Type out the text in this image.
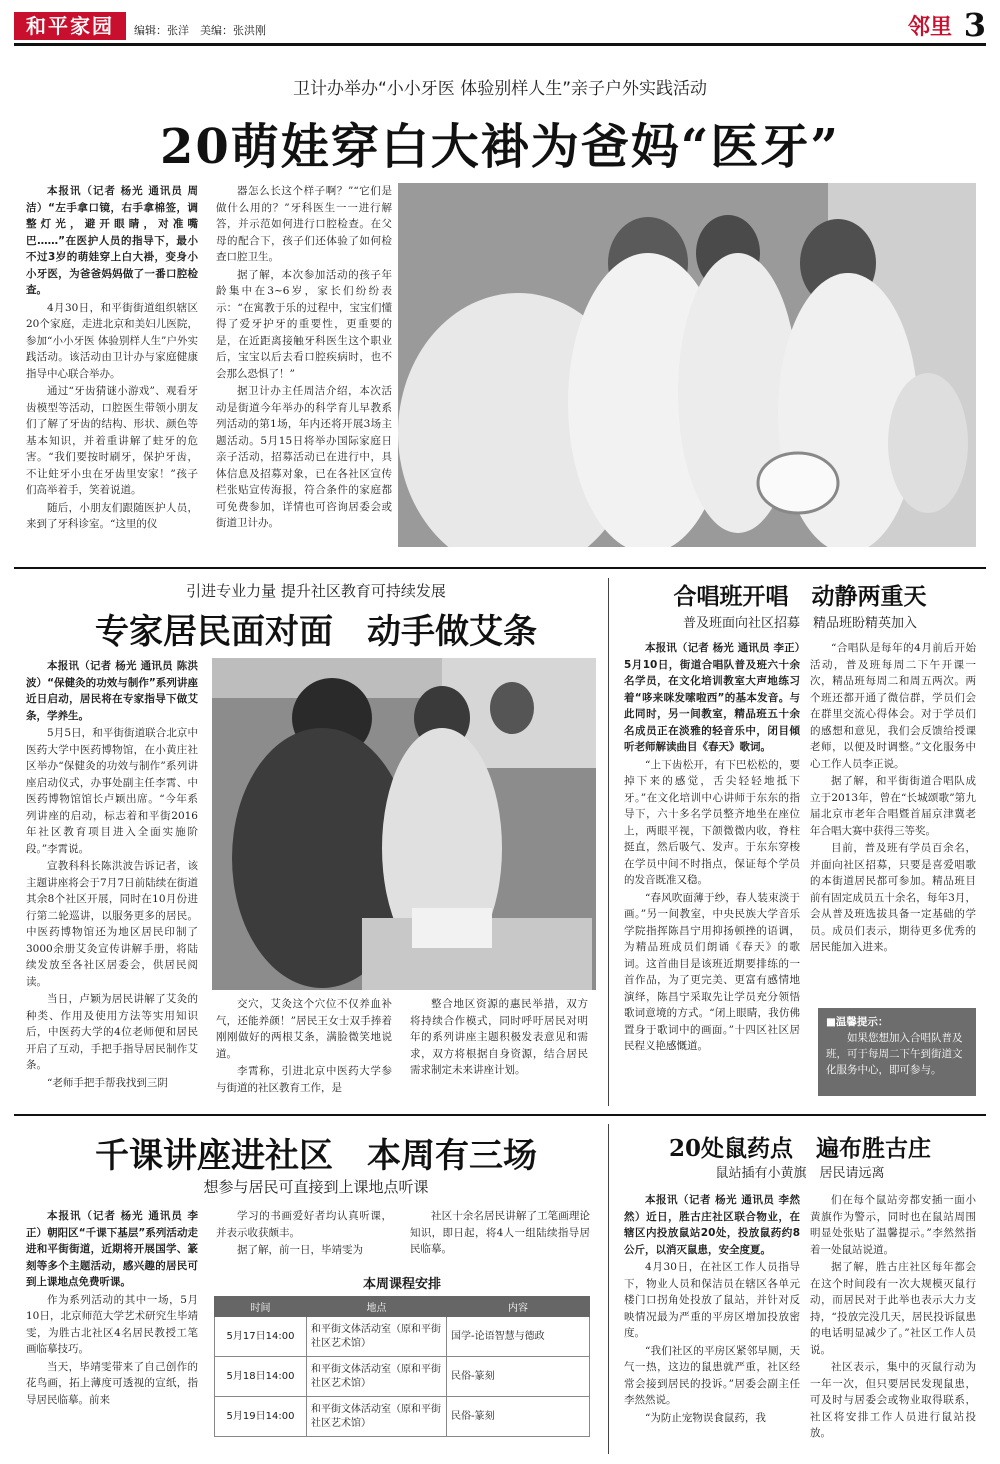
和平家园	编辑：张洋　美编：张洪刚	邻里 3
卫计办举办“小小牙医 体验别样人生”亲子户外实践活动
20萌娃穿白大褂为爸妈“医牙”

本报讯（记者 杨光 通讯员 周洁）“左手拿口镜，右手拿棉签，调整灯光，避开眼睛，对准嘴巴……”在医护人员的指导下，最小不过3岁的萌娃穿上白大褂，变身小小牙医，为爸爸妈妈做了一番口腔检查。

4月30日，和平街街道组织辖区20个家庭，走进北京和美妇儿医院，参加“小小牙医 体验别样人生”户外实践活动。该活动由卫计办与家庭健康指导中心联合举办。

通过“牙齿猜谜小游戏”、观看牙齿模型等活动，口腔医生带领小朋友们了解了牙齿的结构、形状、颜色等基本知识，并着重讲解了蛀牙的危害。“我们要按时刷牙，保护牙齿，不让蛀牙小虫在牙齿里安家！”孩子们高举着手，笑着说道。

随后，小朋友们跟随医护人员，来到了牙科诊室。“这里的仪

器怎么长这个样子啊？”“它们是做什么用的？”牙科医生一一进行解答，并示范如何进行口腔检查。在父母的配合下，孩子们还体验了如何检查口腔卫生。

据了解，本次参加活动的孩子年龄集中在3~6岁，家长们纷纷表示：“在寓教于乐的过程中，宝宝们懂得了爱牙护牙的重要性，更重要的是，在近距离接触牙科医生这个职业后，宝宝以后去看口腔疾病时，也不会那么恐惧了！”

据卫计办主任周洁介绍，本次活动是街道今年举办的科学育儿早教系列活动的第1场，年内还将开展3场主题活动。5月15日将举办国际家庭日亲子活动，招募活动已在进行中，具体信息及招募对象，已在各社区宣传栏张贴宣传海报，符合条件的家庭都可免费参加，详情也可咨询居委会或街道卫计办。

引进专业力量 提升社区教育可持续发展
专家居民面对面　动手做艾条

本报讯（记者 杨光 通讯员 陈洪波）“保健灸的功效与制作”系列讲座近日启动，居民将在专家指导下做艾条，学养生。

5月5日，和平街街道联合北京中医药大学中医药博物馆，在小黄庄社区举办“保健灸的功效与制作”系列讲座启动仪式，办事处副主任李霄、中医药博物馆馆长卢颖出席。“今年系列讲座的启动，标志着和平街2016年社区教育项目进入全面实施阶段。”李霄说。

宣教科科长陈洪波告诉记者，该主题讲座将会于7月7日前陆续在街道其余8个社区开展，同时在10月份进行第二轮巡讲，以服务更多的居民。中医药博物馆还为地区居民印制了3000余册艾灸宣传讲解手册，将陆续发放至各社区居委会，供居民阅读。

当日，卢颖为居民讲解了艾灸的种类、作用及使用方法等实用知识后，中医药大学的4位老师便和居民开启了互动，手把手指导居民制作艾条。

“老师手把手帮我找到三阴

交穴，艾灸这个穴位不仅养血补气，还能养颜！”居民王女士双手捧着刚刚做好的两根艾条，满脸微笑地说道。

李霄称，引进北京中医药大学参与街道的社区教育工作，是

整合地区资源的惠民举措，双方将持续合作模式，同时呼吁居民对明年的系列讲座主题积极发表意见和需求，双方将根据自身资源，结合居民需求制定未来讲座计划。

合唱班开唱　动静两重天
普及班面向社区招募　精品班盼精英加入

本报讯（记者 杨光 通讯员 李正）5月10日，街道合唱队普及班六十余名学员，在文化培训教室大声地练习着“哆来咪发嗦啦西”的基本发音。与此同时，另一间教室，精品班五十余名成员正在淡雅的轻音乐中，闭目倾听老师解读曲目《春天》歌词。

“上下齿松开，有下巴松松的，要掉下来的感觉，舌尖轻轻地抵下牙。”在文化培训中心讲师于东东的指导下，六十多名学员整齐地坐在座位上，两眼平视，下颌微微内收，脊柱挺直，然后吸气、发声。于东东穿梭在学员中间不时指点，保证每个学员的发音既准又稳。

“春风吹面薄于纱，春人装束淡于画。”另一间教室，中央民族大学音乐学院指挥陈昌宁用抑扬顿挫的语调，为精品班成员们朗诵《春天》的歌词。这首曲目是该班近期要排练的一首作品，为了更完美、更富有感情地演绎，陈昌宁采取先让学员充分领悟歌词意境的方式。“闭上眼睛，我仿佛置身于歌词中的画面。”十四区社区居民程义艳感慨道。

“合唱队是每年的4月前后开始活动，普及班每周二下午开课一次，精品班每周二和周五两次。两个班还都开通了微信群，学员们会在群里交流心得体会。对于学员们的感想和意见，我们会反馈给授课老师，以便及时调整。”文化服务中心工作人员李正说。

据了解，和平街街道合唱队成立于2013年，曾在“长城颂歌”第九届北京市老年合唱暨首届京津冀老年合唱大赛中获得三等奖。

目前，普及班有学员百余名，并面向社区招募，只要是喜爱唱歌的本街道居民都可参加。精品班目前有固定成员五十余名，每年3月，会从普及班选拔具备一定基础的学员。成员们表示，期待更多优秀的居民能加入进来。

■温馨提示：
如果您想加入合唱队普及班，可于每周二下午到街道文化服务中心，即可参与。
千课讲座进社区　本周有三场
想参与居民可直接到上课地点听课

本报讯（记者 杨光 通讯员 李正）朝阳区“千课下基层”系列活动走进和平街街道，近期将开展国学、篆刻等多个主题活动，感兴趣的居民可到上课地点免费听课。

作为系列活动的其中一场，5月10日，北京师范大学艺术研究生毕靖雯，为胜古北社区4名居民教授工笔画临摹技巧。

当天，毕靖雯带来了自己创作的花鸟画，拓上薄度可透视的宣纸，指导居民临摹。前来

学习的书画爱好者均认真听课，并表示收获颇丰。

据了解，前一日，毕靖雯为

社区十余名居民讲解了工笔画理论知识，即日起，将4人一组陆续指导居民临摹。

本周课程安排
时间	地点	内容
5月17日14:00	和平街文体活动室（原和平街社区艺术馆）	国学-论语智慧与德政
5月18日14:00	和平街文体活动室（原和平街社区艺术馆）	民俗-篆刻
5月19日14:00	和平街文体活动室（原和平街社区艺术馆）	民俗-篆刻
20处鼠药点　遍布胜古庄
鼠站插有小黄旗　居民请远离

本报讯（记者 杨光 通讯员 李然然）近日，胜古庄社区联合物业，在辖区内投放鼠站20处，投放鼠药约8公斤，以消灭鼠患，安全度夏。

4月30日，在社区工作人员指导下，物业人员和保洁员在辖区各单元楼门口拐角处投放了鼠站，并针对反映情况最为严重的平房区增加投放密度。

“我们社区的平房区紧邻早厕，天气一热，这边的鼠患就严重，社区经常会接到居民的投诉。”居委会副主任李然然说。

“为防止宠物误食鼠药，我

们在每个鼠站旁都安插一面小黄旗作为警示，同时也在鼠站周围明显处张贴了温馨提示。”李然然指着一处鼠站说道。

据了解，胜古庄社区每年都会在这个时间段有一次大规模灭鼠行动，而居民对于此举也表示大力支持，“投放完没几天，居民投诉鼠患的电话明显减少了。”社区工作人员说。

社区表示，集中的灭鼠行动为一年一次，但只要居民发现鼠患，可及时与居委会或物业取得联系，社区将安排工作人员进行鼠站投放。
